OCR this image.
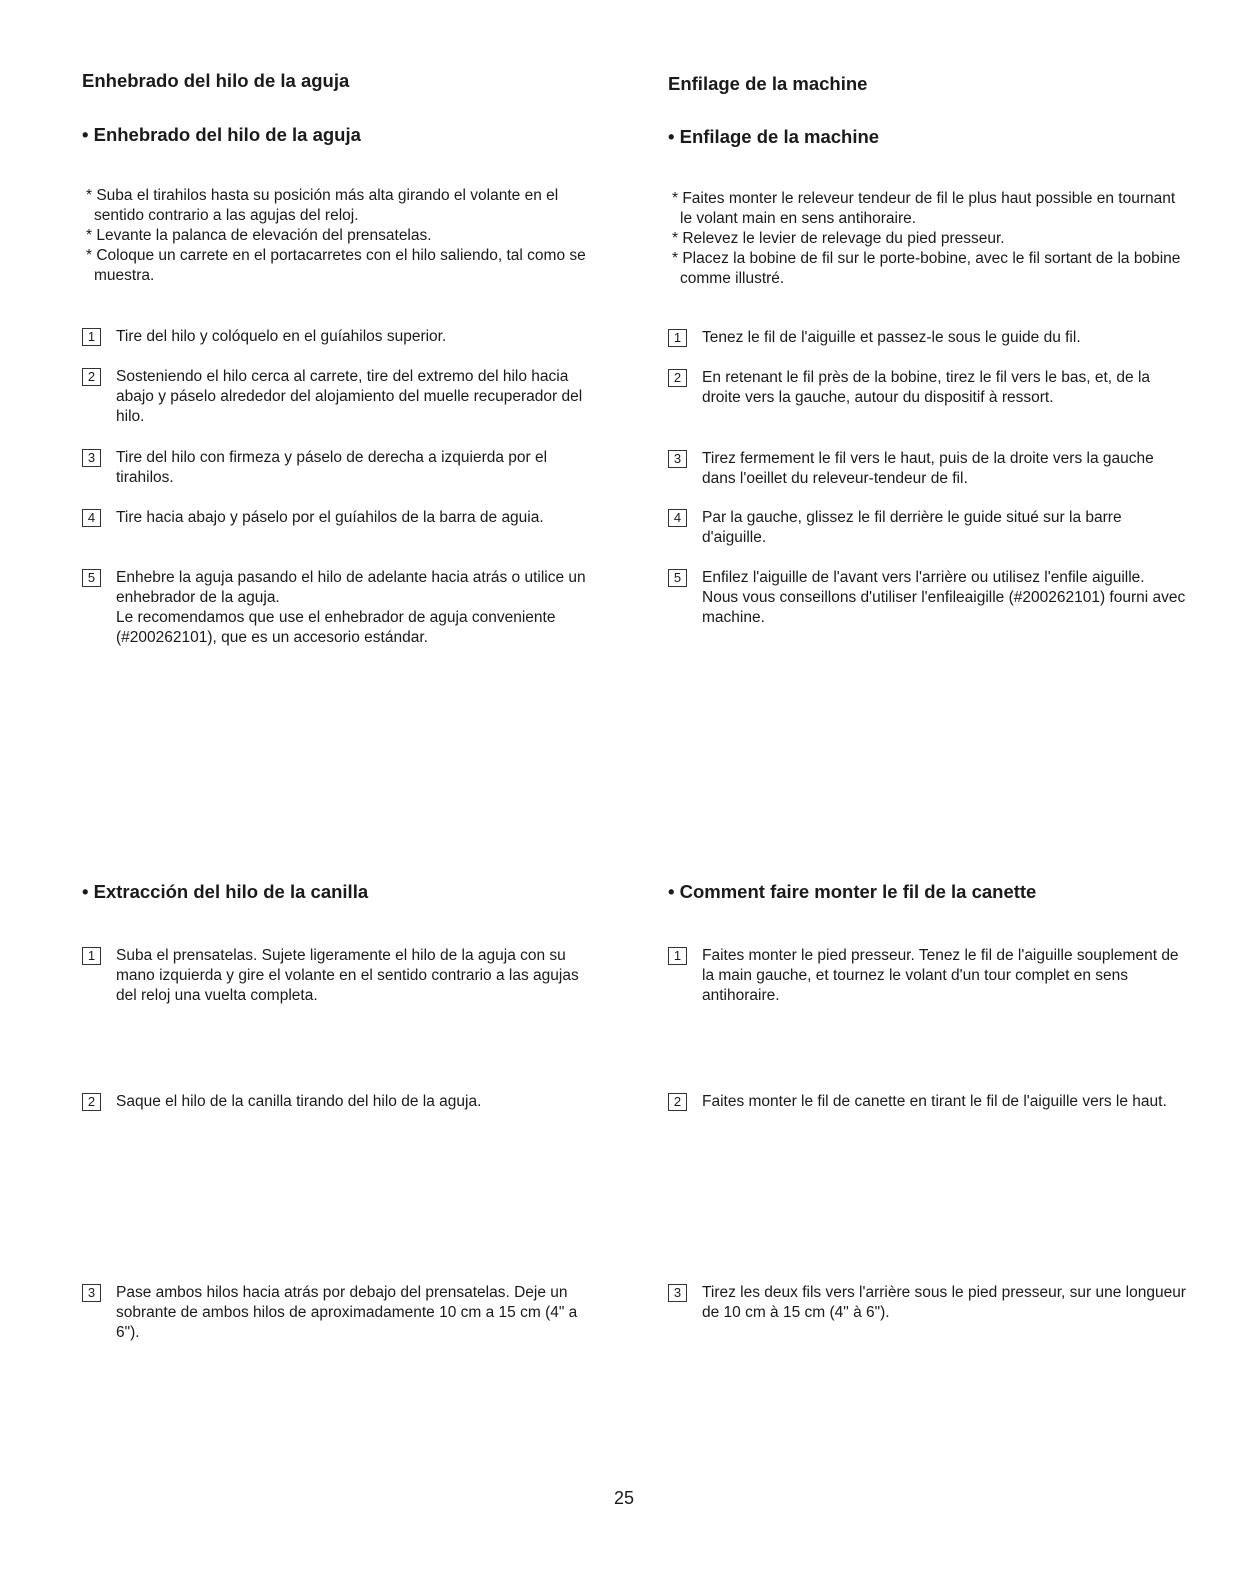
Enhebrado del hilo de la aguja
• Enhebrado del hilo de la aguja
* Suba el tirahilos hasta su posición más alta girando el volante en el sentido contrario a las agujas del reloj.
* Levante la palanca de elevación del prensatelas.
* Coloque un carrete en el portacarretes con el hilo saliendo, tal como se muestra.
1	Tire del hilo y colóquelo en el guíahilos superior.

2	Sosteniendo el hilo cerca al carrete, tire del extremo del hilo hacia abajo y páselo alrededor del alojamiento del muelle recuperador del hilo.

3	Tire del hilo con firmeza y páselo de derecha a izquierda por el tirahilos.

4	Tire hacia abajo y páselo por el guíahilos de la barra de aguia.

5	Enhebre la aguja pasando el hilo de adelante hacia atrás o utilice un enhebrador de la aguja.

Le recomendamos que use el enhebrador de aguja conveniente (#200262101), que es un accesorio estándar.

Enfilage de la machine
• Enfilage de la machine
* Faites monter le releveur tendeur de fil le plus haut possible en tournant le volant main en sens antihoraire.
* Relevez le levier de relevage du pied presseur.
* Placez la bobine de fil sur le porte-bobine, avec le fil sortant de la bobine comme illustré.
1	Tenez le fil de l'aiguille et passez-le sous le guide du fil.

2	En retenant le fil près de la bobine, tirez le fil vers le bas, et, de la droite vers la gauche, autour du dispositif à ressort.

3	Tirez fermement le fil vers le haut, puis de la droite vers la gauche dans l'oeillet du releveur-tendeur de fil.

4	Par la gauche, glissez le fil derrière le guide situé sur la barre d'aiguille.

5	Enfilez l'aiguille de l'avant vers l'arrière ou utilisez l'enfile aiguille.

Nous vous conseillons d'utiliser l'enfileaigille (#200262101) fourni avec machine.

• Extracción del hilo de la canilla
1	Suba el prensatelas. Sujete ligeramente el hilo de la aguja con su mano izquierda y gire el volante en el sentido contrario a las agujas del reloj una vuelta completa.

2	Saque el hilo de la canilla tirando del hilo de la aguja.

3	Pase ambos hilos hacia atrás por debajo del prensatelas. Deje un sobrante de ambos hilos de aproximadamente 10 cm a 15 cm (4" a 6").

• Comment faire monter le fil de la canette
1	Faites monter le pied presseur. Tenez le fil de l'aiguille souplement de la main gauche, et tournez le volant d'un tour complet en sens antihoraire.

2	Faites monter le fil de canette en tirant le fil de l'aiguille vers le haut.

3	Tirez les deux fils vers l'arrière sous le pied presseur, sur une longueur de 10 cm à 15 cm (4" à 6").

25
